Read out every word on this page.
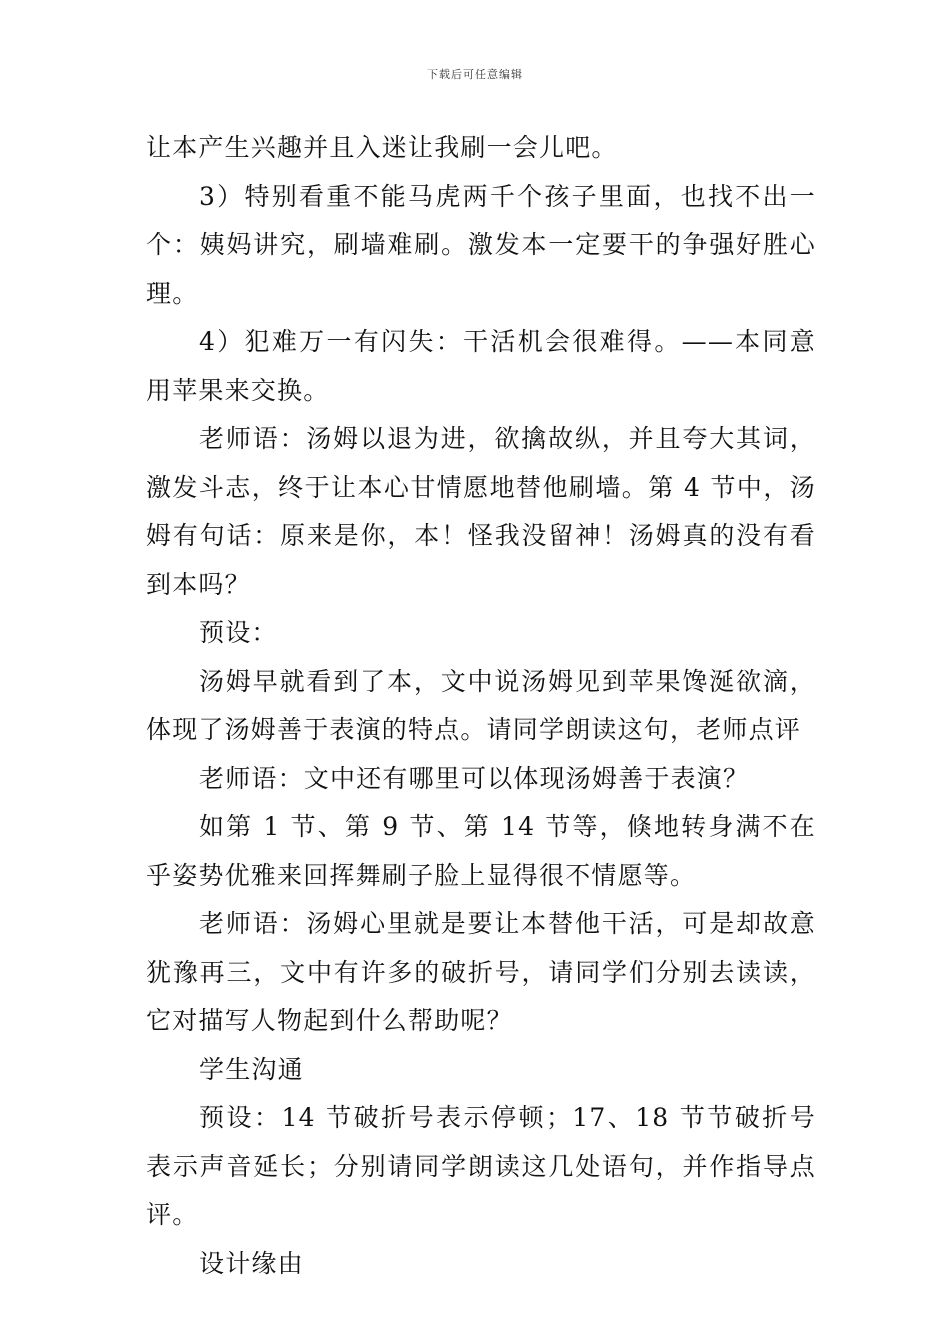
下载后可任意编辑

让本产生兴趣并且入迷让我刷一会儿吧。

3）特别看重不能马虎两千个孩子里面，也找不出一个：姨妈讲究，刷墙难刷。激发本一定要干的争强好胜心理。

4）犯难万一有闪失：干活机会很难得。——本同意用苹果来交换。

老师语：汤姆以退为进，欲擒故纵，并且夸大其词，激发斗志，终于让本心甘情愿地替他刷墙。第 4 节中，汤姆有句话：原来是你，本！怪我没留神！汤姆真的没有看到本吗？

预设：

汤姆早就看到了本，文中说汤姆见到苹果馋涎欲滴，体现了汤姆善于表演的特点。请同学朗读这句，老师点评

老师语：文中还有哪里可以体现汤姆善于表演？

如第 1 节、第 9 节、第 14 节等，倏地转身满不在乎姿势优雅来回挥舞刷子脸上显得很不情愿等。

老师语：汤姆心里就是要让本替他干活，可是却故意犹豫再三，文中有许多的破折号，请同学们分别去读读，它对描写人物起到什么帮助呢？

学生沟通

预设：14 节破折号表示停顿；17、18 节节破折号表示声音延长；分别请同学朗读这几处语句，并作指导点评。

设计缘由
